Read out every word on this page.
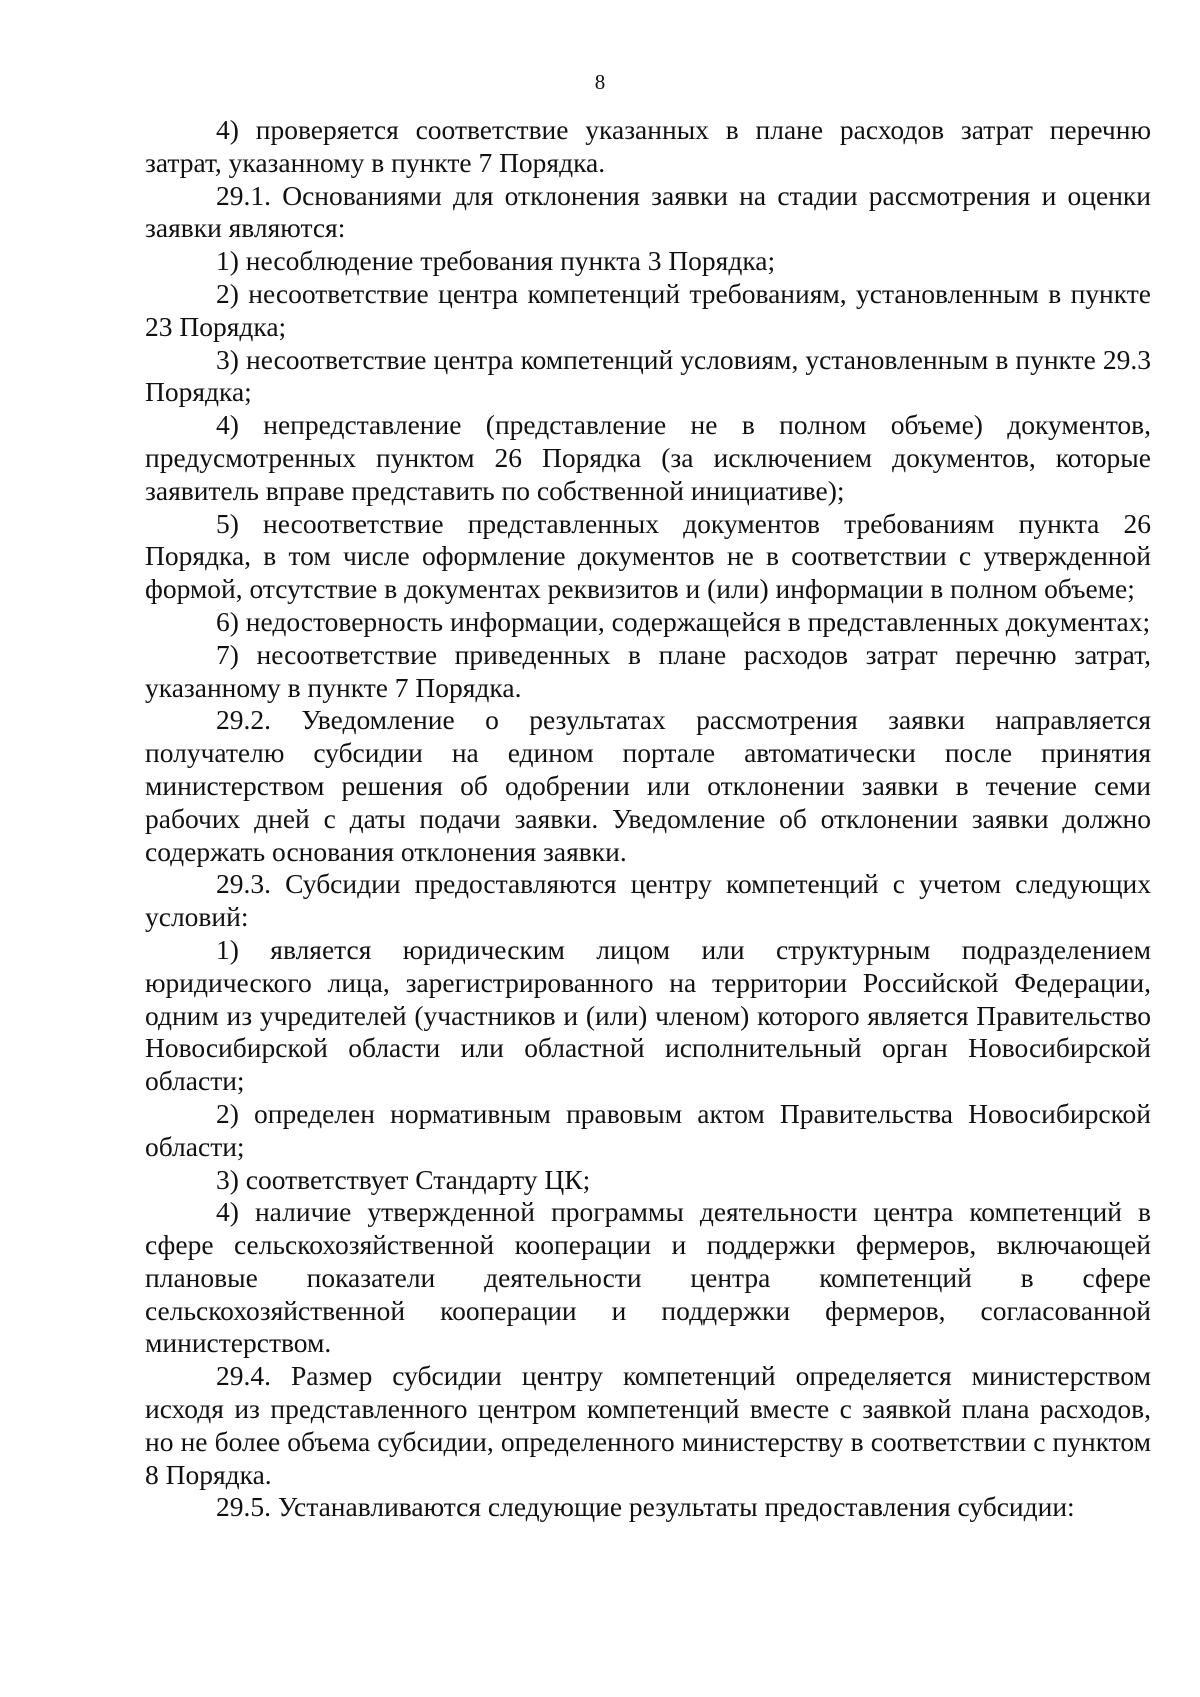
8

4) проверяется соответствие указанных в плане расходов затрат перечню затрат, указанному в пункте 7 Порядка.

29.1. Основаниями для отклонения заявки на стадии рассмотрения и оценки заявки являются:

1) несоблюдение требования пункта 3 Порядка;

2) несоответствие центра компетенций требованиям, установленным в пункте 23 Порядка;

3) несоответствие центра компетенций условиям, установленным в пункте 29.3 Порядка;

4) непредставление (представление не в полном объеме) документов, предусмотренных пунктом 26 Порядка (за исключением документов, которые заявитель вправе представить по собственной инициативе);

5) несоответствие представленных документов требованиям пункта 26 Порядка, в том числе оформление документов не в соответствии с утвержденной формой, отсутствие в документах реквизитов и (или) информации в полном объеме;

6) недостоверность информации, содержащейся в представленных документах;

7) несоответствие приведенных в плане расходов затрат перечню затрат, указанному в пункте 7 Порядка.

29.2. Уведомление о результатах рассмотрения заявки направляется получателю субсидии на едином портале автоматически после принятия министерством решения об одобрении или отклонении заявки в течение семи рабочих дней с даты подачи заявки. Уведомление об отклонении заявки должно содержать основания отклонения заявки.

29.3. Субсидии предоставляются центру компетенций с учетом следующих условий:

1) является юридическим лицом или структурным подразделением юридического лица, зарегистрированного на территории Российской Федерации, одним из учредителей (участников и (или) членом) которого является Правительство Новосибирской области или областной исполнительный орган Новосибирской области;

2) определен нормативным правовым актом Правительства Новосибирской области;

3) соответствует Стандарту ЦК;

4) наличие утвержденной программы деятельности центра компетенций в сфере сельскохозяйственной кооперации и поддержки фермеров, включающей плановые показатели деятельности центра компетенций в сфере сельскохозяйственной кооперации и поддержки фермеров, согласованной министерством.

29.4. Размер субсидии центру компетенций определяется министерством исходя из представленного центром компетенций вместе с заявкой плана расходов, но не более объема субсидии, определенного министерству в соответствии с пунктом 8 Порядка.

29.5. Устанавливаются следующие результаты предоставления субсидии:
